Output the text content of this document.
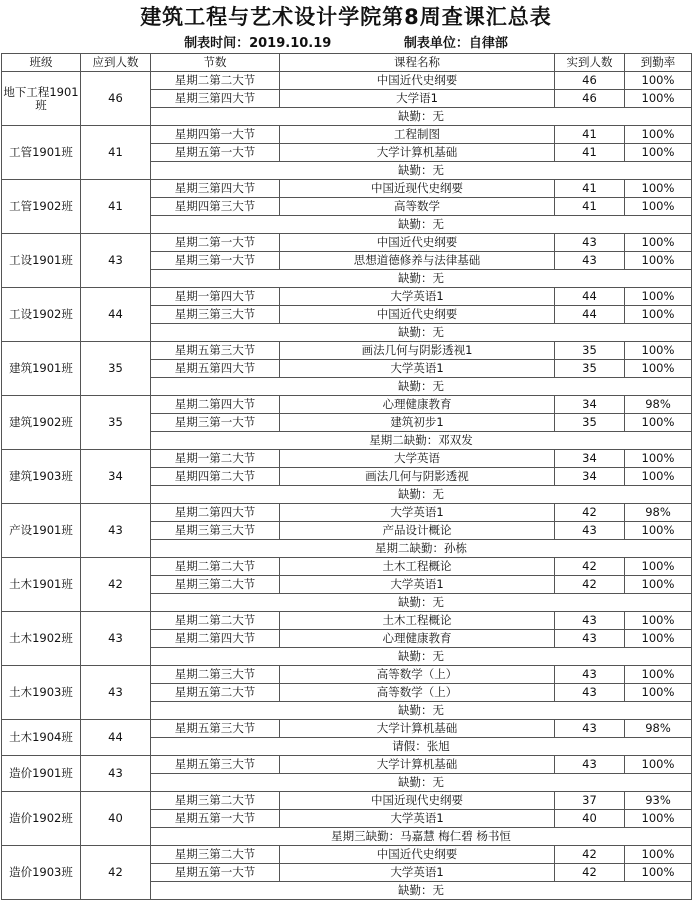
建筑工程与艺术设计学院第8周查课汇总表
制表时间：2019.10.19	制表单位：自律部
班级	应到人数	节数	课程名称	实到人数	到勤率
地下工程1901班	46	星期二第二大节	中国近代史纲要	46	100%
		星期三第四大节	大学语1	46	100%
		缺勤：无			
工管1901班	41	星期四第一大节	工程制图	41	100%
		星期五第一大节	大学计算机基础	41	100%
		缺勤：无			
工管1902班	41	星期三第四大节	中国近现代史纲要	41	100%
		星期四第三大节	高等数学	41	100%
		缺勤：无			
工设1901班	43	星期二第一大节	中国近代史纲要	43	100%
		星期三第一大节	思想道德修养与法律基础	43	100%
		缺勤：无			
工设1902班	44	星期一第四大节	大学英语1	44	100%
		星期三第三大节	中国近代史纲要	44	100%
		缺勤：无			
建筑1901班	35	星期五第三大节	画法几何与阴影透视1	35	100%
		星期五第四大节	大学英语1	35	100%
		缺勤：无			
建筑1902班	35	星期二第四大节	心理健康教育	34	98%
		星期三第一大节	建筑初步1	35	100%
		星期二缺勤：邓双发			
建筑1903班	34	星期一第二大节	大学英语	34	100%
		星期四第二大节	画法几何与阴影透视	34	100%
		缺勤：无			
产设1901班	43	星期二第四大节	大学英语1	42	98%
		星期三第三大节	产品设计概论	43	100%
		星期二缺勤：孙栋			
土木1901班	42	星期二第二大节	土木工程概论	42	100%
		星期三第二大节	大学英语1	42	100%
		缺勤：无			
土木1902班	43	星期二第二大节	土木工程概论	43	100%
		星期二第四大节	心理健康教育	43	100%
		缺勤：无			
土木1903班	43	星期二第三大节	高等数学（上）	43	100%
		星期五第二大节	高等数学（上）	43	100%
		缺勤：无			
土木1904班	44	星期五第三大节	大学计算机基础	43	98%
		请假：张旭			
造价1901班	43	星期五第三大节	大学计算机基础	43	100%
		缺勤：无			
造价1902班	40	星期三第二大节	中国近现代史纲要	37	93%
		星期五第一大节	大学英语1	40	100%
		星期三缺勤：马嘉慧 梅仁碧 杨书恒			
造价1903班	42	星期三第二大节	中国近代史纲要	42	100%
		星期五第一大节	大学英语1	42	100%
		缺勤：无			
